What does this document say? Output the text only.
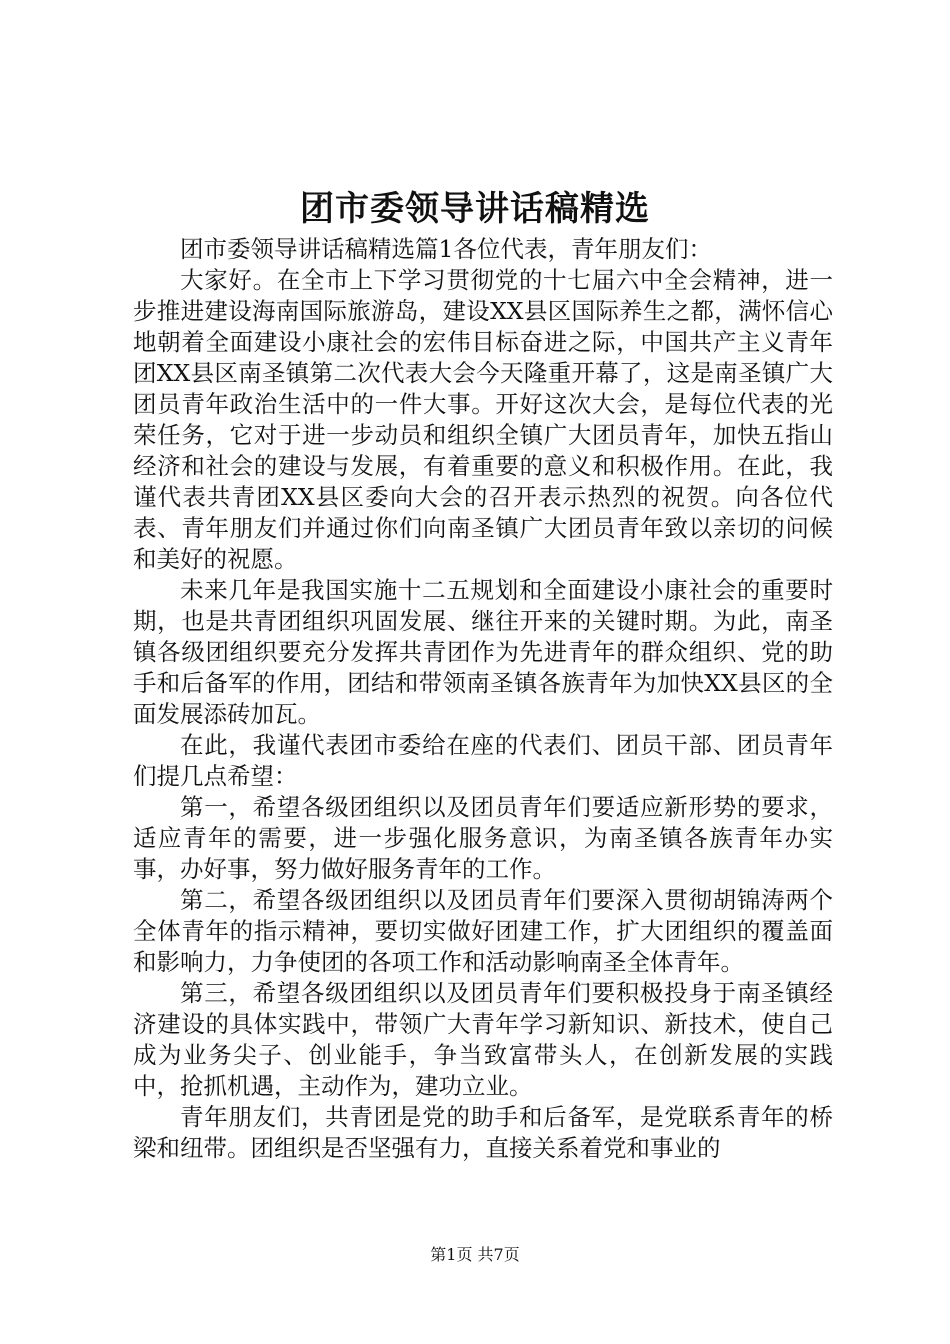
团市委领导讲话稿精选

团市委领导讲话稿精选篇1各位代表，青年朋友们：

大家好。在全市上下学习贯彻党的十七届六中全会精神，进一步推进建设海南国际旅游岛，建设XX县区国际养生之都，满怀信心地朝着全面建设小康社会的宏伟目标奋进之际，中国共产主义青年团XX县区南圣镇第二次代表大会今天隆重开幕了，这是南圣镇广大团员青年政治生活中的一件大事。开好这次大会，是每位代表的光荣任务，它对于进一步动员和组织全镇广大团员青年，加快五指山经济和社会的建设与发展，有着重要的意义和积极作用。在此，我谨代表共青团XX县区委向大会的召开表示热烈的祝贺。向各位代表、青年朋友们并通过你们向南圣镇广大团员青年致以亲切的问候和美好的祝愿。

未来几年是我国实施十二五规划和全面建设小康社会的重要时期，也是共青团组织巩固发展、继往开来的关键时期。为此，南圣镇各级团组织要充分发挥共青团作为先进青年的群众组织、党的助手和后备军的作用，团结和带领南圣镇各族青年为加快XX县区的全面发展添砖加瓦。

在此，我谨代表团市委给在座的代表们、团员干部、团员青年们提几点希望：

第一，希望各级团组织以及团员青年们要适应新形势的要求，适应青年的需要，进一步强化服务意识，为南圣镇各族青年办实事，办好事，努力做好服务青年的工作。

第二，希望各级团组织以及团员青年们要深入贯彻胡锦涛两个全体青年的指示精神，要切实做好团建工作，扩大团组织的覆盖面和影响力，力争使团的各项工作和活动影响南圣全体青年。

第三，希望各级团组织以及团员青年们要积极投身于南圣镇经济建设的具体实践中，带领广大青年学习新知识、新技术，使自己成为业务尖子、创业能手，争当致富带头人，在创新发展的实践中，抢抓机遇，主动作为，建功立业。

青年朋友们，共青团是党的助手和后备军，是党联系青年的桥梁和纽带。团组织是否坚强有力，直接关系着党和事业的

第1页 共7页
